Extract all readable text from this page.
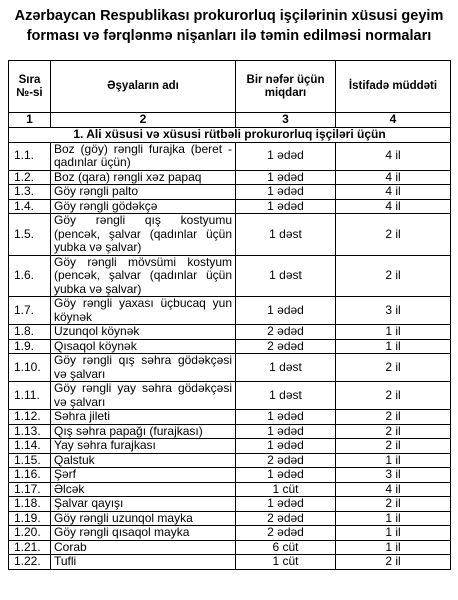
Azərbaycan Respublikası prokurorluq işçilərinin xüsusi geyim
forması və fərqlənmə nişanları ilə təmin edilməsi normaları
Sıra №-si	Əşyaların adı	Bir nəfər üçün miqdarı	İstifadə müddəti
1	2	3	4
1. Ali xüsusi və xüsusi rütbəli prokurorluq işçiləri üçün			
1.1.	Boz (göy) rəngli furajka (beret - qadınlar üçün)	1 ədəd	4 il
1.2.	Boz (qara) rəngli xəz papaq	1 ədəd	4 il
1.3.	Göy rəngli palto	1 ədəd	4 il
1.4.	Göy rəngli gödəkçə	1 ədəd	4 il
1.5.	Göy rəngli qış kostyumu (pencək, şalvar (qadınlar üçün yubka və şalvar)	1 dəst	2 il
1.6.	Göy rəngli mövsümi kostyum (pencək, şalvar (qadınlar üçün yubka və şalvar)	1 dəst	2 il
1.7.	Göy rəngli yaxası üçbucaq yun köynək	1 ədəd	3 il
1.8.	Uzunqol köynək	2 ədəd	1 il
1.9.	Qısaqol köynək	2 ədəd	1 il
1.10.	Göy rəngli qış səhra gödəkçəsi və şalvarı	1 dəst	2 il
1.11.	Göy rəngli yay səhra gödəkçəsi və şalvarı	1 dəst	2 il
1.12.	Səhra jileti	1 ədəd	2 il
1.13.	Qış səhra papağı (furajkası)	1 ədəd	2 il
1.14.	Yay səhra furajkası	1 ədəd	2 il
1.15.	Qalstuk	2 ədəd	1 il
1.16.	Şərf	1 ədəd	3 il
1.17.	Əlcək	1 cüt	4 il
1.18.	Şalvar qayışı	1 ədəd	2 il
1.19.	Göy rəngli uzunqol mayka	2 ədəd	1 il
1.20.	Göy rəngli qısaqol mayka	2 ədəd	1 il
1.21.	Corab	6 cüt	1 il
1.22.	Tufli	1 cüt	2 il
